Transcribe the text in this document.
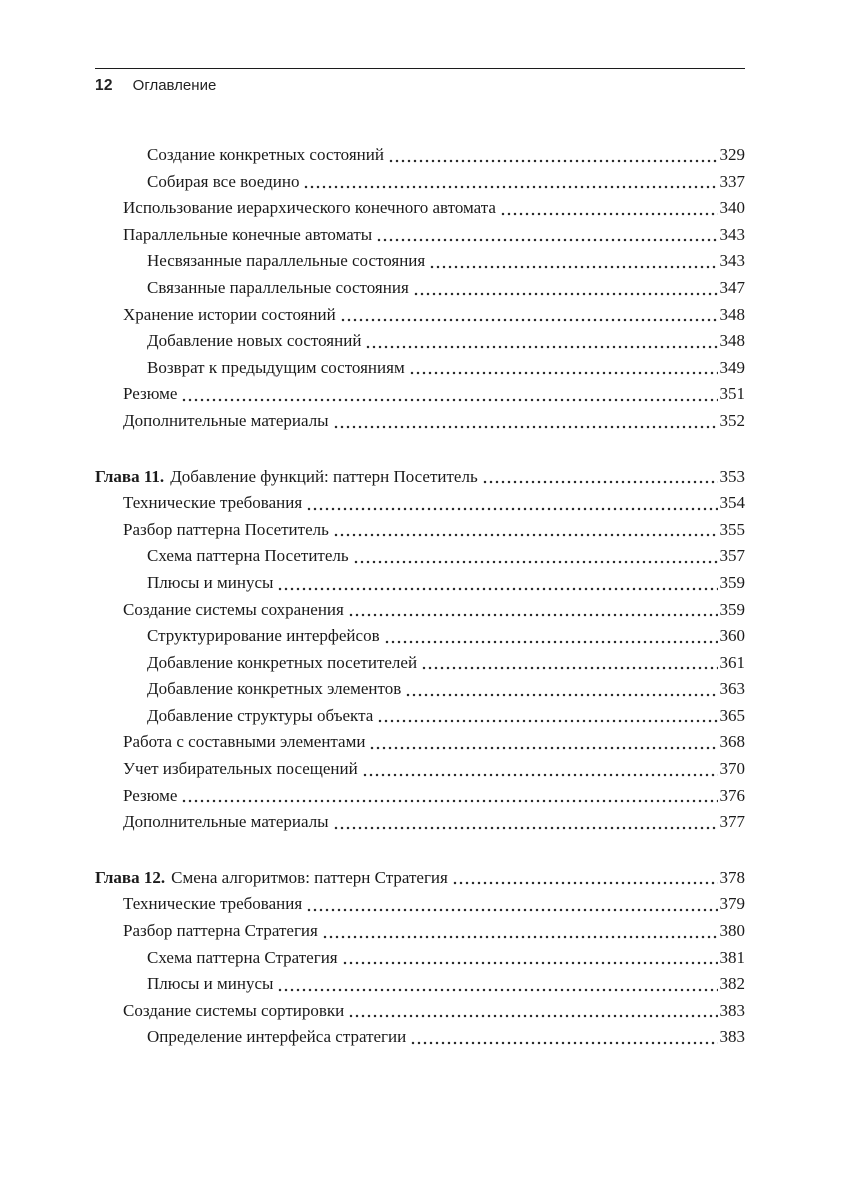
12 Оглавление
Создание конкретных состояний	329
Собирая все воедино	337
Использование иерархического конечного автомата	340
Параллельные конечные автоматы	343
Несвязанные параллельные состояния	343
Связанные параллельные состояния	347
Хранение истории состояний	348
Добавление новых состояний	348
Возврат к предыдущим состояниям	349
Резюме	351
Дополнительные материалы	352
Глава 11. Добавление функций: паттерн Посетитель	353
Технические требования	354
Разбор паттерна Посетитель	355
Схема паттерна Посетитель	357
Плюсы и минусы	359
Создание системы сохранения	359
Структурирование интерфейсов	360
Добавление конкретных посетителей	361
Добавление конкретных элементов	363
Добавление структуры объекта	365
Работа с составными элементами	368
Учет избирательных посещений	370
Резюме	376
Дополнительные материалы	377
Глава 12. Смена алгоритмов: паттерн Стратегия	378
Технические требования	379
Разбор паттерна Стратегия	380
Схема паттерна Стратегия	381
Плюсы и минусы	382
Создание системы сортировки	383
Определение интерфейса стратегии	383
